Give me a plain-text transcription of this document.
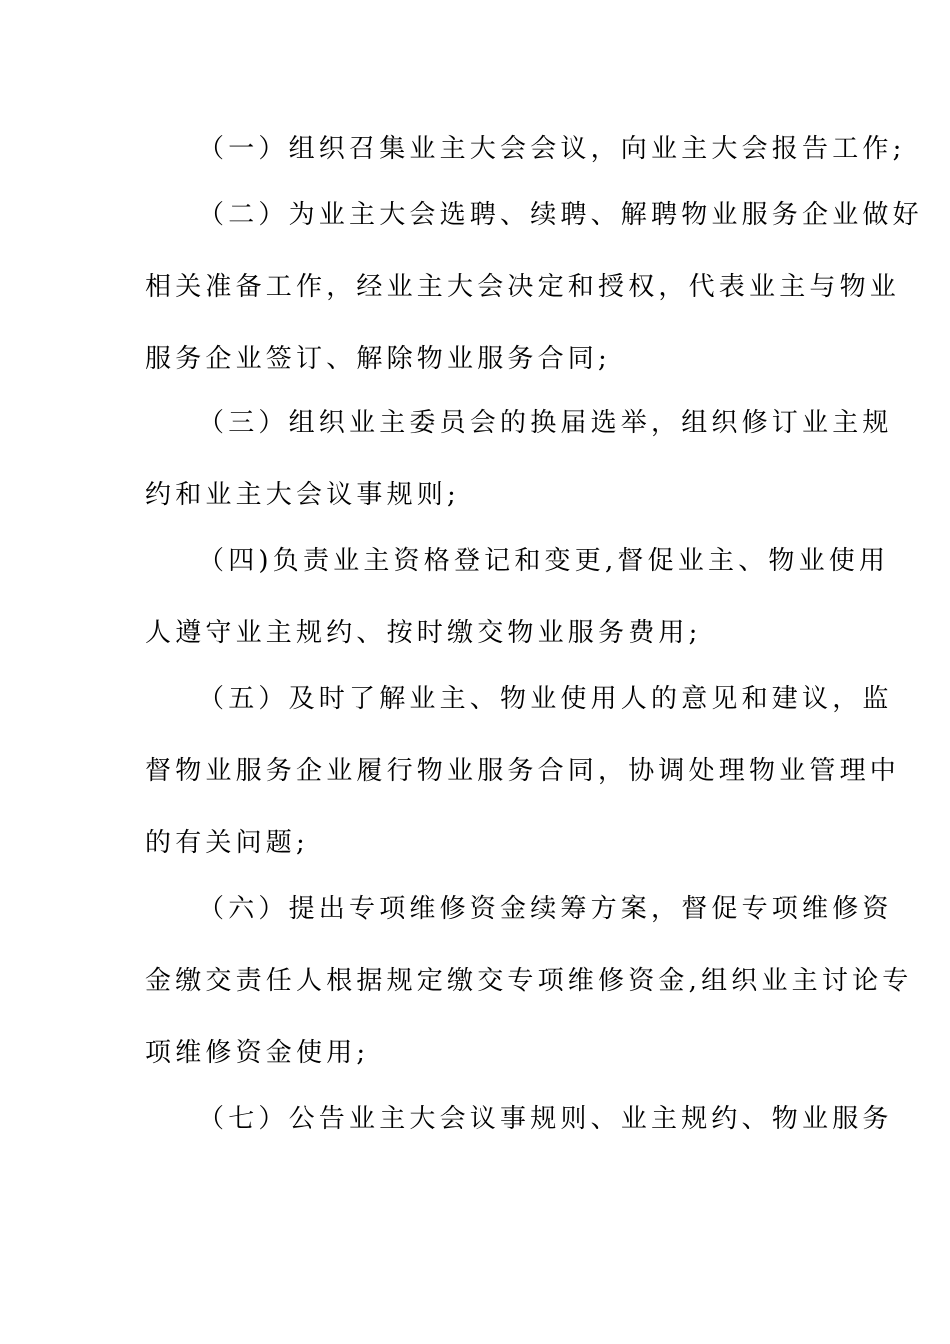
（一）组织召集业主大会会议，向业主大会报告工作;
（二）为业主大会选聘、续聘、解聘物业服务企业做好
相关准备工作，经业主大会决定和授权，代表业主与物业
服务企业签订、解除物业服务合同;
（三）组织业主委员会的换届选举，组织修订业主规
约和业主大会议事规则;
（四)负责业主资格登记和变更,督促业主、物业使用
人遵守业主规约、按时缴交物业服务费用;
（五）及时了解业主、物业使用人的意见和建议，监
督物业服务企业履行物业服务合同，协调处理物业管理中
的有关问题;
（六）提出专项维修资金续筹方案，督促专项维修资
金缴交责任人根据规定缴交专项维修资金,组织业主讨论专
项维修资金使用;
（七）公告业主大会议事规则、业主规约、物业服务
